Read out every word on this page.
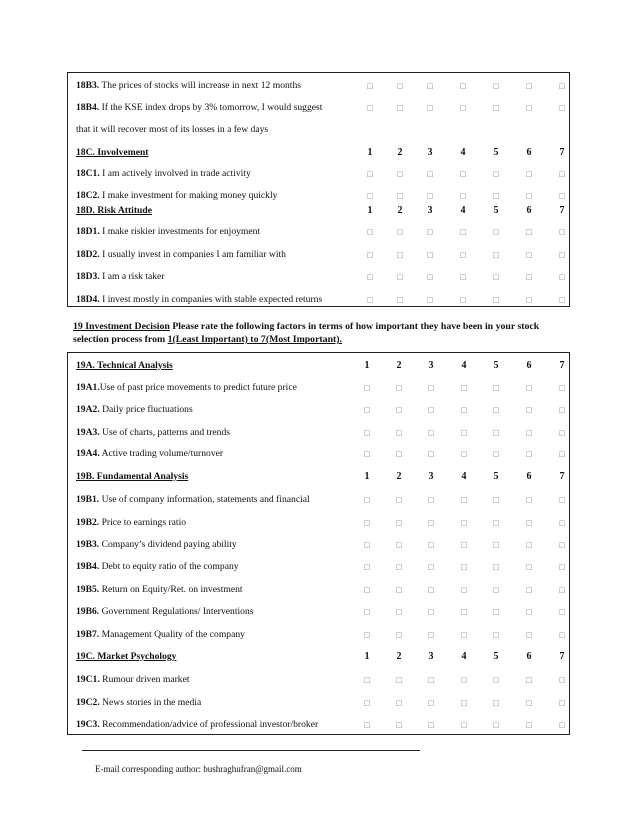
18B3. The prices of stocks will increase in next 12 months	□	□	□	□	□	□	□
18B4. If the KSE index drops by 3% tomorrow, I would suggest	□	□	□	□	□	□	□
that it will recover most of its losses in a few days
18C. Involvement	1	2	3	4	5	6	7
18C1. I am actively involved in trade activity	□	□	□	□	□	□	□
18C2. I make investment for making money quickly	□	□	□	□	□	□	□
18D. Risk Attitude	1	2	3	4	5	6	7
18D1. I make riskier investments for enjoyment	□	□	□	□	□	□	□
18D2. I usually invest in companies I am familiar with	□	□	□	□	□	□	□
18D3. I am a risk taker	□	□	□	□	□	□	□
18D4. I invest mostly in companies with stable expected returns	□	□	□	□	□	□	□
19 Investment Decision Please rate the following factors in terms of how important they have been in your stock selection process from 1(Least Important) to 7(Most Important).
19A. Technical Analysis	1	2	3	4	5	6	7
19A1.Use of past price movements to predict future price	□	□	□	□	□	□	□
19A2. Daily price fluctuations	□	□	□	□	□	□	□
19A3. Use of charts, patterns and trends	□	□	□	□	□	□	□
19A4. Active trading volume/turnover	□	□	□	□	□	□	□
19B. Fundamental Analysis	1	2	3	4	5	6	7
19B1. Use of company information, statements and financial	□	□	□	□	□	□	□
19B2. Price to earnings ratio	□	□	□	□	□	□	□
19B3. Company’s dividend paying ability	□	□	□	□	□	□	□
19B4. Debt to equity ratio of the company	□	□	□	□	□	□	□
19B5. Return on Equity/Ret. on investment	□	□	□	□	□	□	□
19B6. Government Regulations/ Interventions	□	□	□	□	□	□	□
19B7. Management Quality of the company	□	□	□	□	□	□	□
19C. Market Psychology	1	2	3	4	5	6	7
19C1. Rumour driven market	□	□	□	□	□	□	□
19C2. News stories in the media	□	□	□	□	□	□	□
19C3. Recommendation/advice of professional investor/broker	□	□	□	□	□	□	□
E-mail corresponding author: bushraghufran@gmail.com
